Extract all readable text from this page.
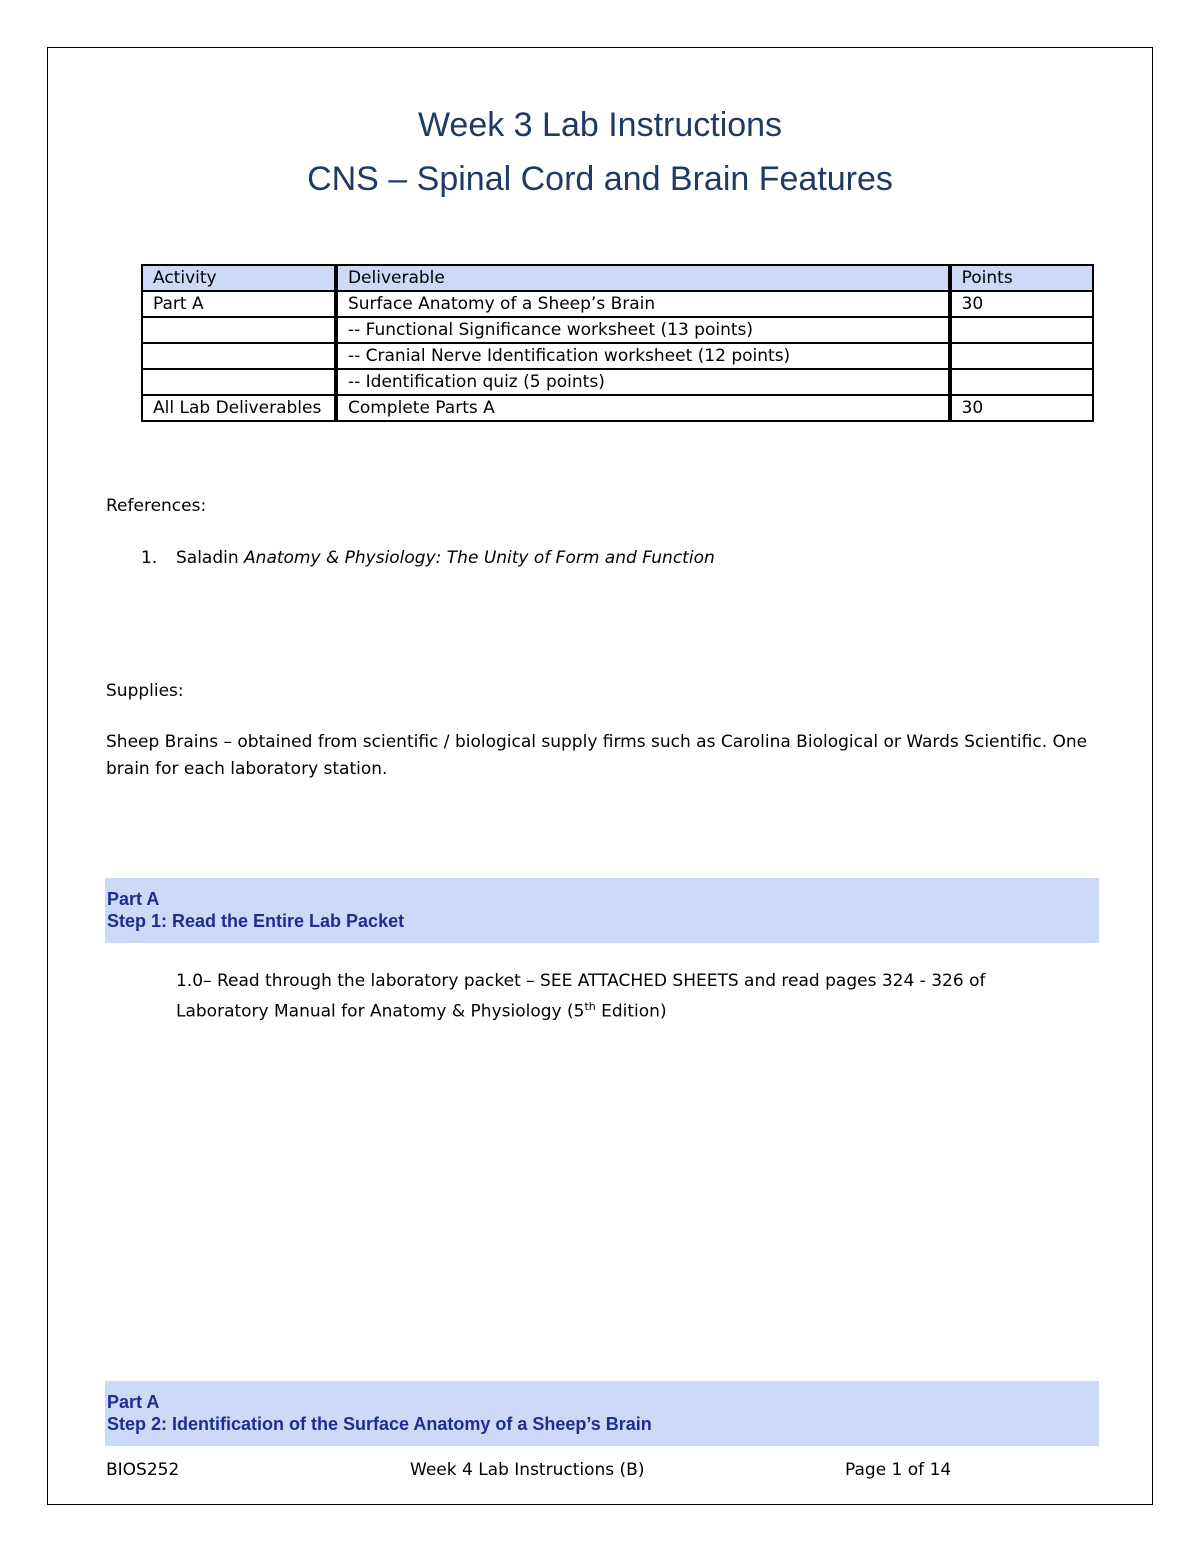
Week 3 Lab Instructions
CNS – Spinal Cord and Brain Features
Activity	Deliverable	Points
Part A	Surface Anatomy of a Sheep’s Brain	30
	-- Functional Significance worksheet (13 points)	
	-- Cranial Nerve Identification worksheet (12 points)	
	-- Identification quiz (5 points)	
All Lab Deliverables	Complete Parts A	30
References:
1. Saladin Anatomy & Physiology: The Unity of Form and Function
Supplies:
Sheep Brains – obtained from scientific / biological supply firms such as Carolina Biological or Wards Scientific. One brain for each laboratory station.
Part A
Step 1: Read the Entire Lab Packet
1.0– Read through the laboratory packet – SEE ATTACHED SHEETS and read pages 324 - 326 of Laboratory Manual for Anatomy & Physiology (5th Edition)
Part A
Step 2: Identification of the Surface Anatomy of a Sheep’s Brain
BIOS252	Week 4 Lab Instructions (B)	Page 1 of 14
